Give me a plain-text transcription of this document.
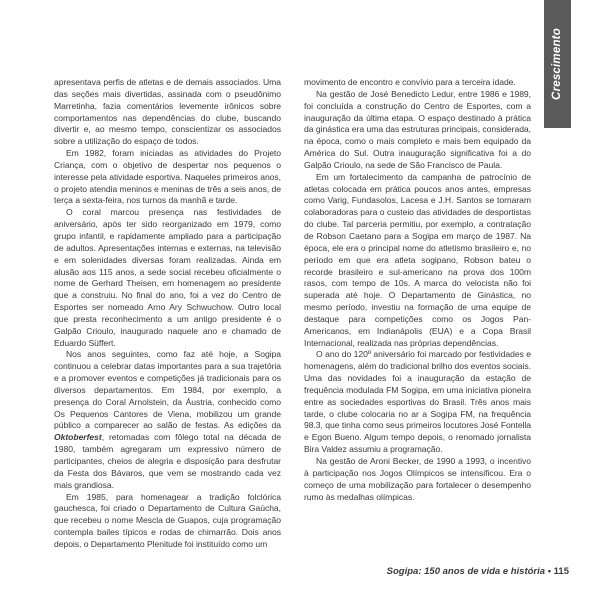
Crescimento

apresentava perfis de atletas e de demais associados. Uma das seções mais divertidas, assinada com o pseudônimo Marretinha, fazia comentários levemente irônicos sobre comportamentos nas dependências do clube, buscando divertir e, ao mesmo tempo, conscientizar os associados sobre a utilização do espaço de todos.

Em 1982, foram iniciadas as atividades do Projeto Criança, com o objetivo de despertar nos pequenos o interesse pela atividade esportiva. Naqueles primeiros anos, o projeto atendia meninos e meninas de três a seis anos, de terça a sexta-feira, nos turnos da manhã e tarde.

O coral marcou presença nas festividades de aniversário, após ter sido reorganizado em 1979, como grupo infantil, e rapidamente ampliado para a participação de adultos. Apresentações internas e externas, na televisão e em solenidades diversas foram realizadas. Ainda em alusão aos 115 anos, a sede social recebeu oficialmente o nome de Gerhard Theisen, em homenagem ao presidente que a construiu. No final do ano, foi a vez do Centro de Esportes ser nomeado Arno Ary Schwuchow. Outro local que presta reconhecimento a um antigo presidente é o Galpão Crioulo, inaugurado naquele ano e chamado de Eduardo Süffert.

Nos anos seguintes, como faz até hoje, a Sogipa continuou a celebrar datas importantes para a sua trajetória e a promover eventos e competições já tradicionais para os diversos departamentos. Em 1984, por exemplo, a presença do Coral Arnolstein, da Áustria, conhecido como Os Pequenos Cantores de Viena, mobilizou um grande público a comparecer ao salão de festas. As edições da Oktoberfest, retomadas com fôlego total na década de 1980, também agregaram um expressivo número de participantes, cheios de alegria e disposição para desfrutar da Festa dos Bávaros, que vem se mostrando cada vez mais grandiosa.

Em 1985, para homenagear a tradição folclórica gauchesca, foi criado o Departamento de Cultura Gaúcha, que recebeu o nome Mescla de Guapos, cuja programação contempla bailes típicos e rodas de chimarrão. Dois anos depois, o Departamento Plenitude foi instituído como um

movimento de encontro e convívio para a terceira idade.

Na gestão de José Benedicto Ledur, entre 1986 e 1989, foi concluída a construção do Centro de Esportes, com a inauguração da última etapa. O espaço destinado à prática da ginástica era uma das estruturas principais, considerada, na época, como o mais completo e mais bem equipado da América do Sul. Outra inauguração significativa foi a do Galpão Crioulo, na sede de São Francisco de Paula.

Em um fortalecimento da campanha de patrocínio de atletas colocada em prática poucos anos antes, empresas como Varig, Fundasolos, Lacesa e J.H. Santos se tornaram colaboradoras para o custeio das atividades de desportistas do clube. Tal parceria permitiu, por exemplo, a contratação de Robson Caetano para a Sogipa em março de 1987. Na época, ele era o principal nome do atletismo brasileiro e, no período em que era atleta sogipano, Robson bateu o recorde brasileiro e sul-americano na prova dos 100m rasos, com tempo de 10s. A marca do velocista não foi superada até hoje. O Departamento de Ginástica, no mesmo período, investiu na formação de uma equipe de destaque para competições como os Jogos Pan-Americanos, em Indianápolis (EUA) e a Copa Brasil Internacional, realizada nas próprias dependências.

O ano do 120º aniversário foi marcado por festividades e homenagens, além do tradicional brilho dos eventos sociais. Uma das novidades foi a inauguração da estação de frequência modulada FM Sogipa, em uma iniciativa pioneira entre as sociedades esportivas do Brasil. Três anos mais tarde, o clube colocaria no ar a Sogipa FM, na frequência 98.3, que tinha como seus primeiros locutores José Fontella e Egon Bueno. Algum tempo depois, o renomado jornalista Bira Valdez assumiu a programação.

Na gestão de Aroni Becker, de 1990 a 1993, o incentivo à participação nos Jogos Olímpicos se intensificou. Era o começo de uma mobilização para fortalecer o desempenho rumo às medalhas olímpicas.

Sogipa: 150 anos de vida e história • 115
